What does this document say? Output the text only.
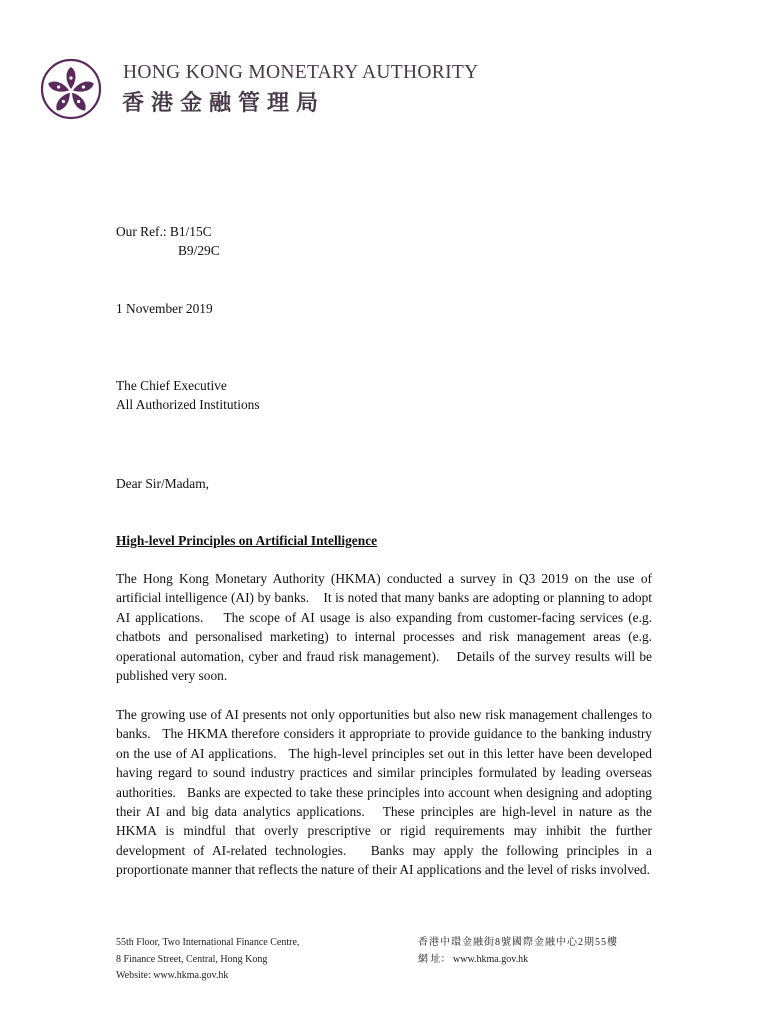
HONG KONG MONETARY AUTHORITY
香港金融管理局
Our Ref.: B1/15C
B9/29C
1 November 2019
The Chief Executive
All Authorized Institutions
Dear Sir/Madam,
High-level Principles on Artificial Intelligence
The Hong Kong Monetary Authority (HKMA) conducted a survey in Q3 2019 on the use of artificial intelligence (AI) by banks.    It is noted that many banks are adopting or planning to adopt AI applications.    The scope of AI usage is also expanding from customer-facing services (e.g. chatbots and personalised marketing) to internal processes and risk management areas (e.g. operational automation, cyber and fraud risk management).    Details of the survey results will be published very soon.
The growing use of AI presents not only opportunities but also new risk management challenges to banks.   The HKMA therefore considers it appropriate to provide guidance to the banking industry on the use of AI applications.   The high-level principles set out in this letter have been developed having regard to sound industry practices and similar principles formulated by leading overseas authorities.   Banks are expected to take these principles into account when designing and adopting their AI and big data analytics applications.   These principles are high-level in nature as the HKMA is mindful that overly prescriptive or rigid requirements may inhibit the further development of AI-related technologies.   Banks may apply the following principles in a proportionate manner that reflects the nature of their AI applications and the level of risks involved.
55th Floor, Two International Finance Centre,
8 Finance Street, Central, Hong Kong
Website: www.hkma.gov.hk
香港中環金融街8號國際金融中心2期55樓
網 址： www.hkma.gov.hk
